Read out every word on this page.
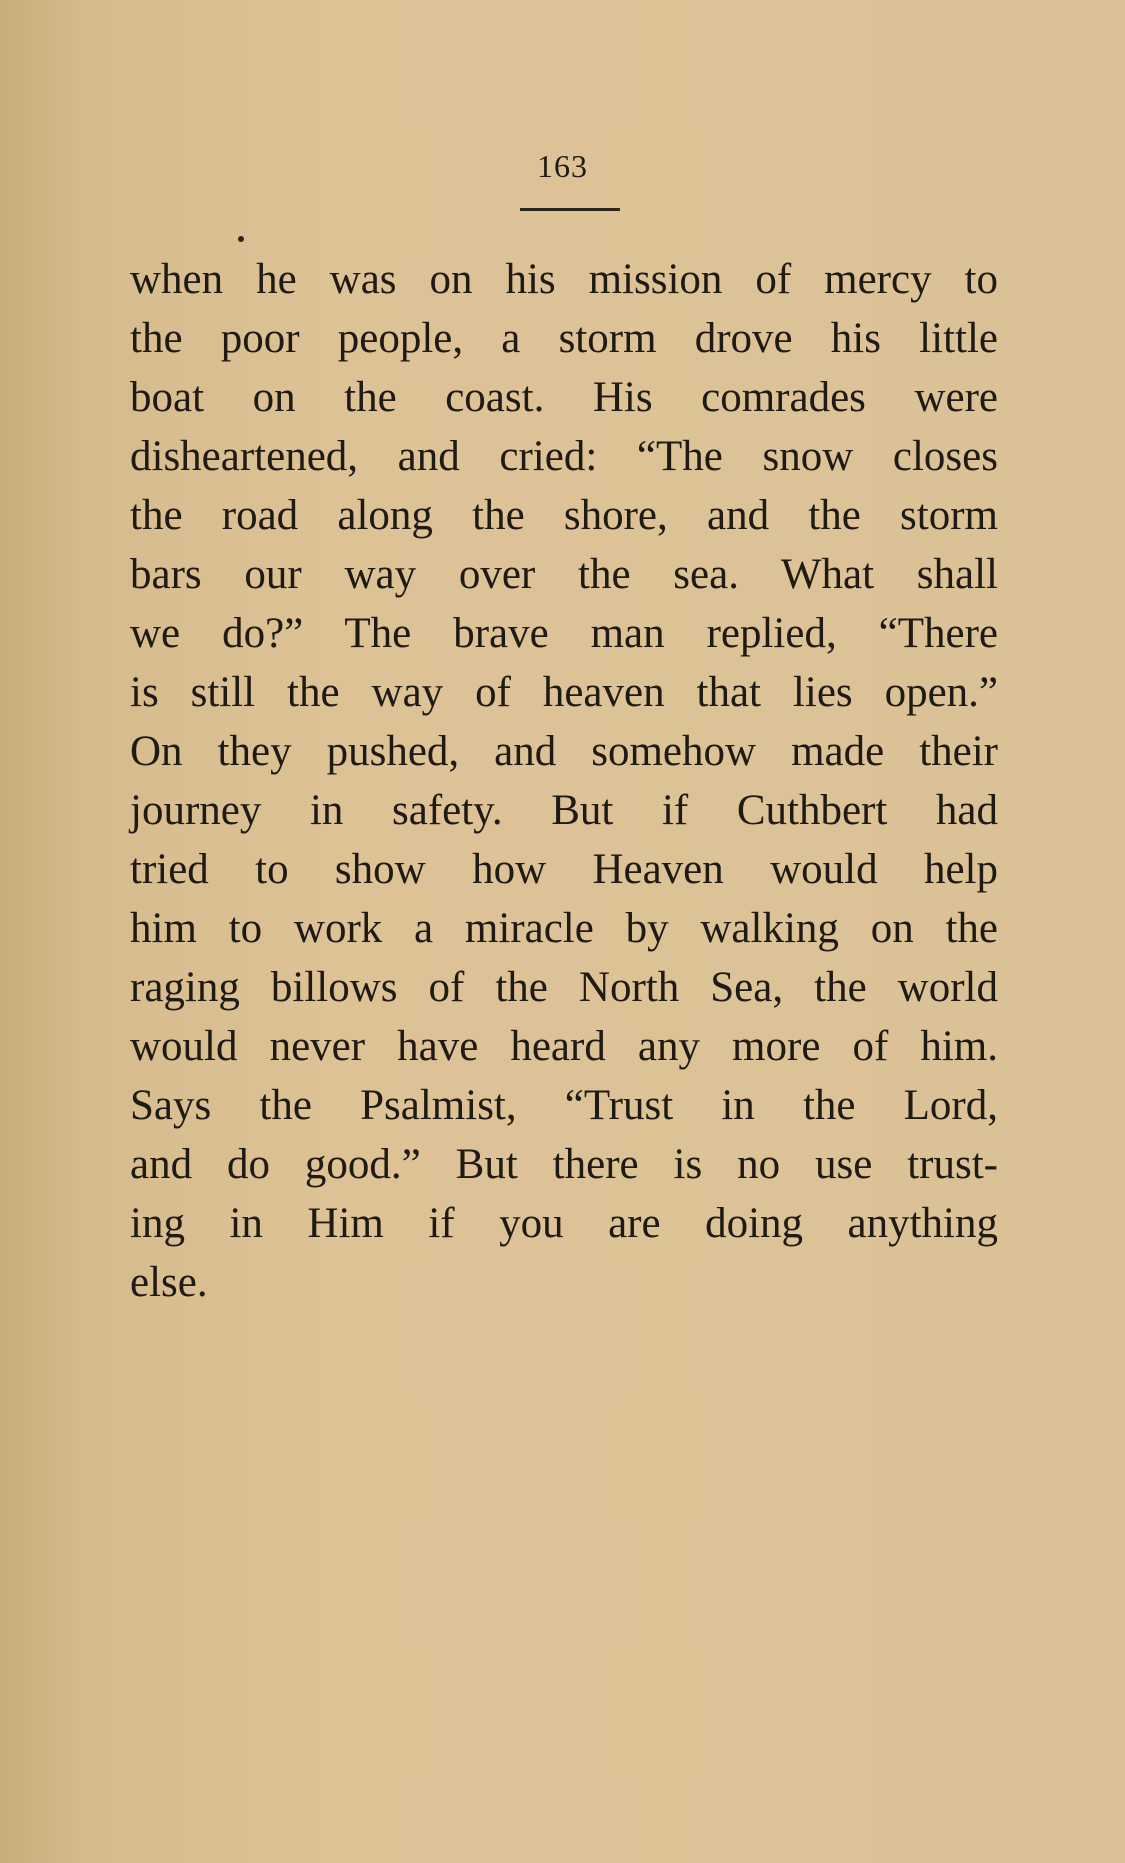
163
when he was on his mission of mercy to
the poor people, a storm drove his little
boat on the coast. His comrades were
disheartened, and cried: “The snow closes
the road along the shore, and the storm
bars our way over the sea. What shall
we do?” The brave man replied, “There
is still the way of heaven that lies open.”
On they pushed, and somehow made their
journey in safety. But if Cuthbert had
tried to show how Heaven would help
him to work a miracle by walking on the
raging billows of the North Sea, the world
would never have heard any more of him.
Says the Psalmist, “Trust in the Lord,
and do good.” But there is no use trust-
ing in Him if you are doing anything
else.
